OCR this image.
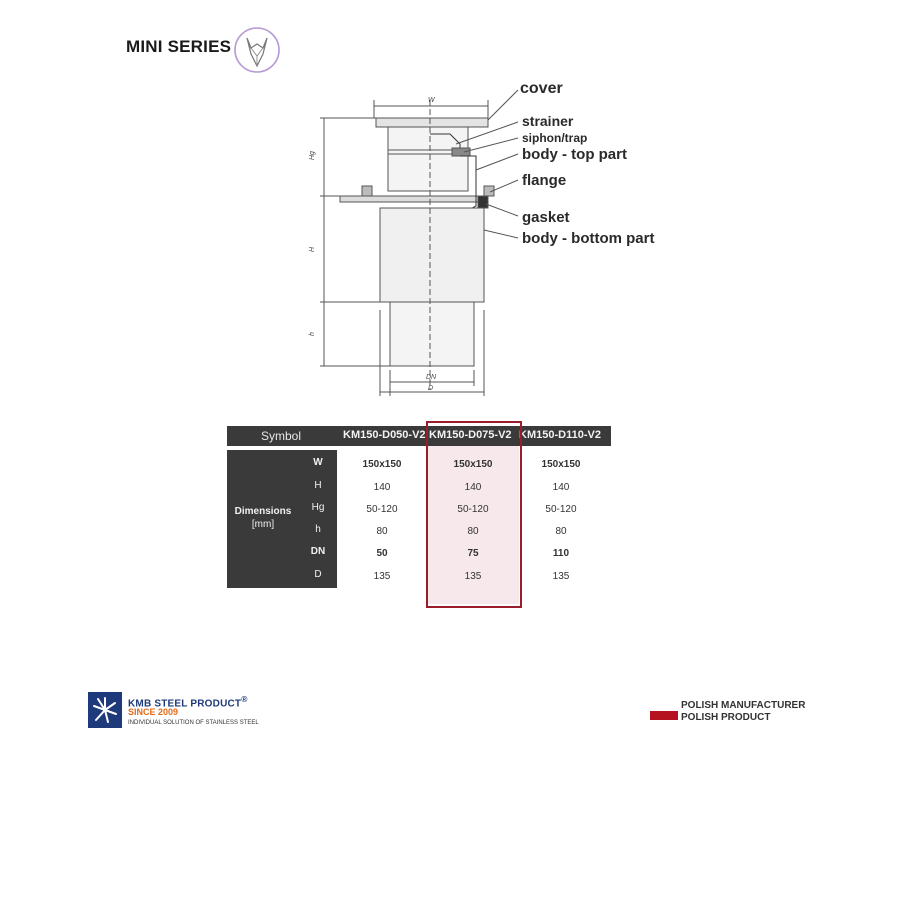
MINI SERIES
W
Hg
H
h
DN
D
cover
strainer
siphon/trap
body - top part
flange
gasket
body - bottom part
Symbol	KM150-D050-V2 KM150-D075-V2 KM150-D110-V2
Dimensions
[mm]
W	150x150	150x150	150x150
H	140	140	140
Hg	50-120	50-120	50-120
h	80	80	80
DN	50	75	110
D	135	135	135
KMB STEEL PRODUCT®
SINCE 2009
INDIVIDUAL SOLUTION OF STAINLESS STEEL
POLISH MANUFACTURER
POLISH PRODUCT
